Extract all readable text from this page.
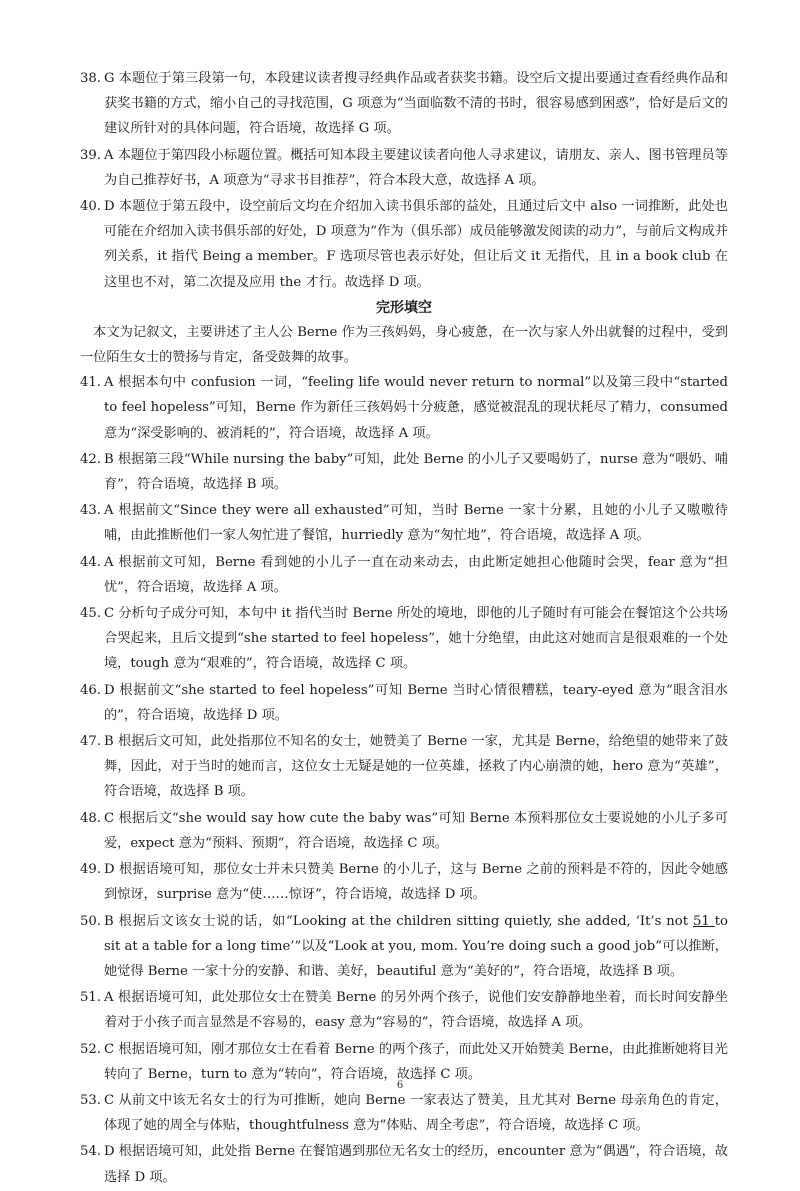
38. G 本题位于第三段第一句，本段建议读者搜寻经典作品或者获奖书籍。设空后文提出要通过查看经典作品和获奖书籍的方式，缩小自己的寻找范围，G 项意为“当面临数不清的书时，很容易感到困惑”，恰好是后文的建议所针对的具体问题，符合语境，故选择 G 项。
39. A 本题位于第四段小标题位置。概括可知本段主要建议读者向他人寻求建议，请朋友、亲人、图书管理员等为自己推荐好书，A 项意为“寻求书目推荐”，符合本段大意，故选择 A 项。
40. D 本题位于第五段中，设空前后文均在介绍加入读书俱乐部的益处，且通过后文中 also 一词推断，此处也可能在介绍加入读书俱乐部的好处，D 项意为“作为（俱乐部）成员能够激发阅读的动力”，与前后文构成并列关系，it 指代 Being a member。F 选项尽管也表示好处，但让后文 it 无指代，且 in a book club 在这里也不对，第二次提及应用 the 才行。故选择 D 项。
完形填空

本文为记叙文，主要讲述了主人公 Berne 作为三孩妈妈，身心疲惫，在一次与家人外出就餐的过程中，受到一位陌生女士的赞扬与肯定，备受鼓舞的故事。

41. A 根据本句中 confusion 一词，“feeling life would never return to normal”以及第三段中“started to feel hopeless”可知，Berne 作为新任三孩妈妈十分疲惫，感觉被混乱的现状耗尽了精力，consumed 意为“深受影响的、被消耗的”，符合语境，故选择 A 项。
42. B 根据第三段“While nursing the baby”可知，此处 Berne 的小儿子又要喝奶了，nurse 意为“喂奶、哺育”，符合语境，故选择 B 项。
43. A 根据前文“Since they were all exhausted”可知，当时 Berne 一家十分累，且她的小儿子又嗷嗷待哺，由此推断他们一家人匆忙进了餐馆，hurriedly 意为“匆忙地”，符合语境，故选择 A 项。
44. A 根据前文可知，Berne 看到她的小儿子一直在动来动去，由此断定她担心他随时会哭，fear 意为“担忧”，符合语境，故选择 A 项。
45. C 分析句子成分可知，本句中 it 指代当时 Berne 所处的境地，即他的儿子随时有可能会在餐馆这个公共场合哭起来，且后文提到“she started to feel hopeless”，她十分绝望，由此这对她而言是很艰难的一个处境，tough 意为“艰难的”，符合语境，故选择 C 项。
46. D 根据前文“she started to feel hopeless”可知 Berne 当时心情很糟糕，teary-eyed 意为“眼含泪水的”，符合语境，故选择 D 项。
47. B 根据后文可知，此处指那位不知名的女士，她赞美了 Berne 一家，尤其是 Berne，给绝望的她带来了鼓舞，因此，对于当时的她而言，这位女士无疑是她的一位英雄，拯救了内心崩溃的她，hero 意为“英雄”，符合语境，故选择 B 项。
48. C 根据后文“she would say how cute the baby was”可知 Berne 本预料那位女士要说她的小儿子多可爱，expect 意为“预料、预期”，符合语境，故选择 C 项。
49. D 根据语境可知，那位女士并未只赞美 Berne 的小儿子，这与 Berne 之前的预料是不符的，因此令她感到惊讶，surprise 意为“使……惊讶”，符合语境，故选择 D 项。
50. B 根据后文该女士说的话，如“Looking at the children sitting quietly, she added, ‘It’s not 51 to sit at a table for a long time’”以及“Look at you, mom. You’re doing such a good job”可以推断，她觉得 Berne 一家十分的安静、和谐、美好，beautiful 意为“美好的”，符合语境，故选择 B 项。
51. A 根据语境可知，此处那位女士在赞美 Berne 的另外两个孩子，说他们安安静静地坐着，而长时间安静坐着对于小孩子而言显然是不容易的，easy 意为“容易的”，符合语境，故选择 A 项。
52. C 根据语境可知，刚才那位女士在看着 Berne 的两个孩子，而此处又开始赞美 Berne，由此推断她将目光转向了 Berne，turn to 意为“转向”，符合语境，故选择 C 项。
53. C 从前文中该无名女士的行为可推断，她向 Berne 一家表达了赞美，且尤其对 Berne 母亲角色的肯定，体现了她的周全与体贴，thoughtfulness 意为“体贴、周全考虑”，符合语境，故选择 C 项。
54. D 根据语境可知，此处指 Berne 在餐馆遇到那位无名女士的经历，encounter 意为“偶遇”，符合语境，故选择 D 项。
6
